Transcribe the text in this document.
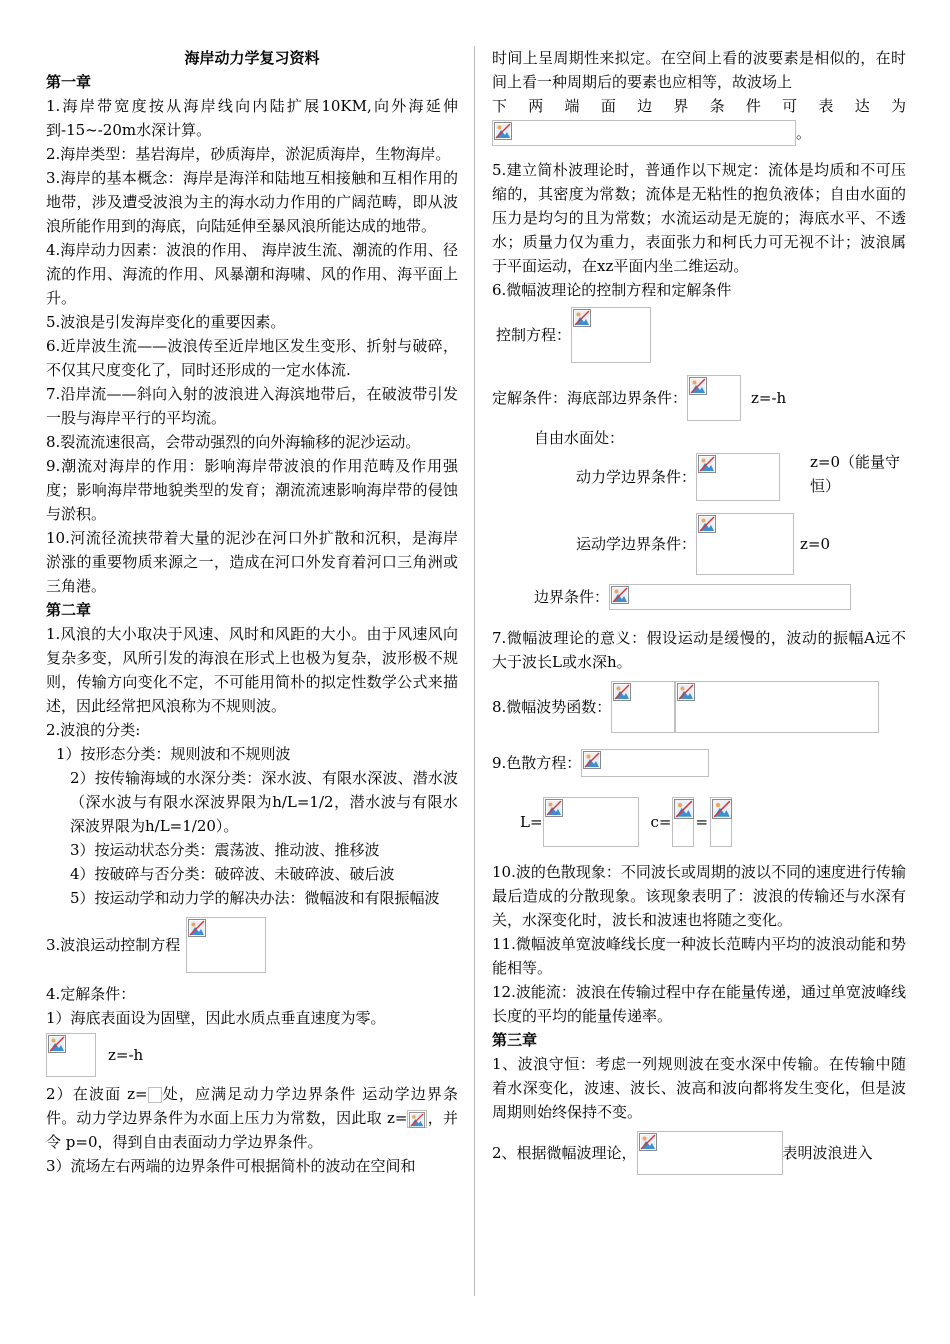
海岸动力学复习资料

第一章

1.海岸带宽度按从海岸线向内陆扩展10KM,向外海延伸到-15~-20m水深计算。

2.海岸类型：基岩海岸，砂质海岸，淤泥质海岸，生物海岸。

3.海岸的基本概念：海岸是海洋和陆地互相接触和互相作用的地带，涉及遭受波浪为主的海水动力作用的广阔范畴，即从波浪所能作用到的海底，向陆延伸至暴风浪所能达成的地带。

4.海岸动力因素：波浪的作用、 海岸波生流、潮流的作用、径流的作用、海流的作用、风暴潮和海啸、风的作用、海平面上升。

5.波浪是引发海岸变化的重要因素。

6.近岸波生流——波浪传至近岸地区发生变形、折射与破碎，不仅其尺度变化了，同时还形成的一定水体流.

7.沿岸流——斜向入射的波浪进入海滨地带后，在破波带引发一股与海岸平行的平均流。

8.裂流流速很高，会带动强烈的向外海输移的泥沙运动。

9.潮流对海岸的作用：影响海岸带波浪的作用范畴及作用强度；影响海岸带地貌类型的发育；潮流流速影响海岸带的侵蚀与淤积。

10.河流径流挟带着大量的泥沙在河口外扩散和沉积，是海岸淤涨的重要物质来源之一，造成在河口外发育着河口三角洲或三角港。

第二章

1.风浪的大小取决于风速、风时和风距的大小。由于风速风向复杂多变，风所引发的海浪在形式上也极为复杂，波形极不规则，传输方向变化不定，不可能用简朴的拟定性数学公式来描述，因此经常把风浪称为不规则波。

2.波浪的分类:

1）按形态分类：规则波和不规则波

2）按传输海域的水深分类：深水波、有限水深波、潜水波（深水波与有限水深波界限为h/L=1/2，潜水波与有限水深波界限为h/L=1/20）。

3）按运动状态分类：震荡波、推动波、推移波

4）按破碎与否分类：破碎波、未破碎波、破后波

5）按运动学和动力学的解决办法：微幅波和有限振幅波

3.波浪运动控制方程

4.定解条件：

1）海底表面设为固壁，因此水质点垂直速度为零。

z=-h

2）在波面 z= 处，应满足动力学边界条件 运动学边界条件。动力学边界条件为水面上压力为常数，因此取 z= ，并令 p=0，得到自由表面动力学边界条件。

3）流场左右两端的边界条件可根据简朴的波动在空间和

时间上呈周期性来拟定。在空间上看的波要素是相似的，在时间上看一种周期后的要素也应相等，故波场上

下 两 端 面 边 界 条 件 可 表 达 为

。

5.建立简朴波理论时，普通作以下规定：流体是均质和不可压缩的，其密度为常数；流体是无粘性的抱负液体；自由水面的压力是均匀的且为常数；水流运动是无旋的；海底水平、不透水；质量力仅为重力，表面张力和柯氏力可无视不计；波浪属于平面运动，在xz平面内坐二维运动。

6.微幅波理论的控制方程和定解条件

控制方程：
定解条件：海底部边界条件：	z=-h

自由水面处：

动力学边界条件：

z=0（能量守恒）
运动学边界条件：	z=0
边界条件：

7.微幅波理论的意义：假设运动是缓慢的，波动的振幅A远不大于波长L或水深h。

8.微幅波势函数：
9.色散方程：
L=	c= =

10.波的色散现象：不同波长或周期的波以不同的速度进行传输最后造成的分散现象。该现象表明了：波浪的传输还与水深有关，水深变化时，波长和波速也将随之变化。

11.微幅波单宽波峰线长度一种波长范畴内平均的波浪动能和势能相等。

12.波能流：波浪在传输过程中存在能量传递，通过单宽波峰线长度的平均的能量传递率。

第三章

1、波浪守恒：考虑一列规则波在变水深中传输。在传输中随着水深变化，波速、波长、波高和波向都将发生变化，但是波周期则始终保持不变。

2、根据微幅波理论，	表明波浪进入
